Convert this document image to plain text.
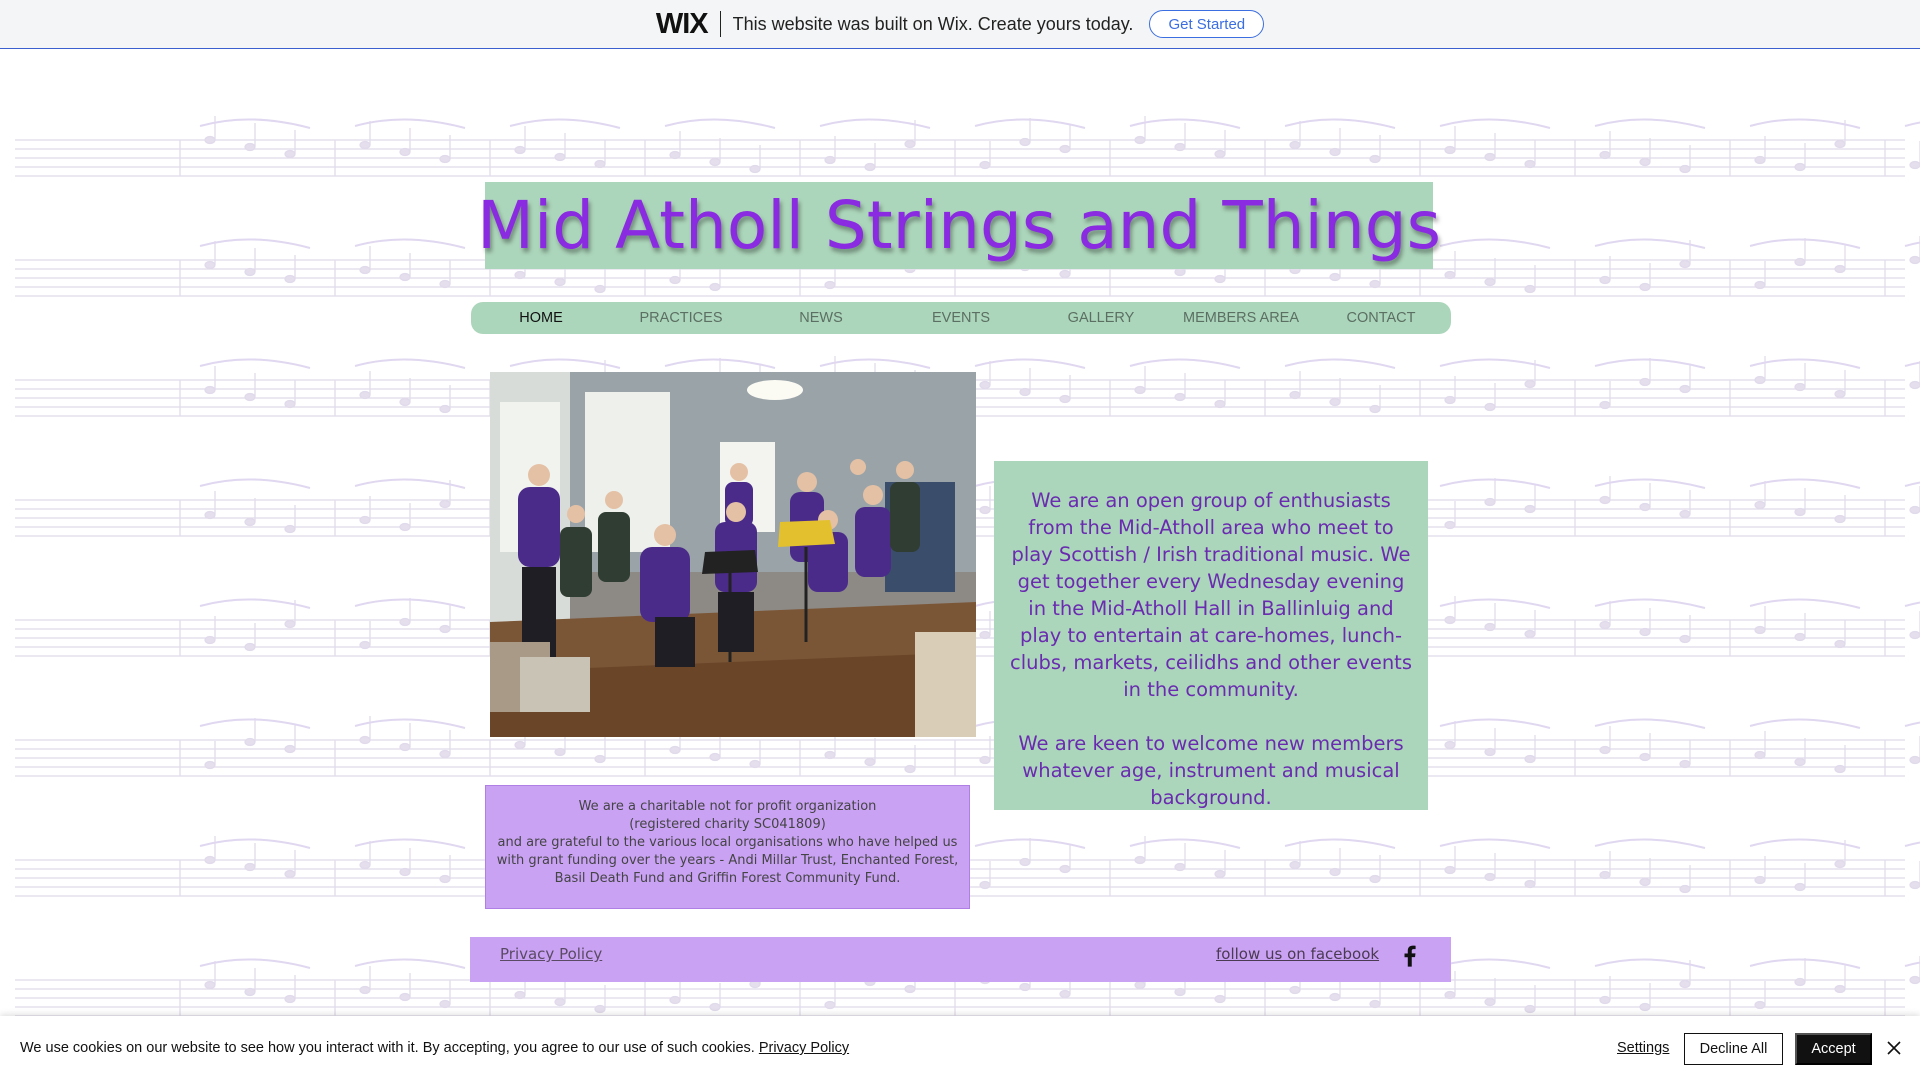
WIX This website was built on Wix. Create yours today.	Get Started
Mid Atholl Strings and Things
HOME	PRACTICES	NEWS	EVENTS	GALLERY	MEMBERS AREA	CONTACT

We are an open group of enthusiasts from the Mid-Atholl area who meet to play Scottish / Irish traditional music. We get together every Wednesday evening in the Mid-Atholl Hall in Ballinluig and play to entertain at care-homes, lunch-clubs, markets, ceilidhs and other events in the community.

We are keen to welcome new members whatever age, instrument and musical background.

We are a charitable not for profit organization
(registered charity SC041809)
and are grateful to the various local organisations who have helped us
with grant funding over the years - Andi Millar Trust, Enchanted Forest,
Basil Death Fund and Griffin Forest Community Fund.
Privacy Policy	follow us on facebook
We use cookies on our website to see how you interact with it. By accepting, you agree to our use of such cookies. Privacy Policy	Settings	Decline All	Accept
